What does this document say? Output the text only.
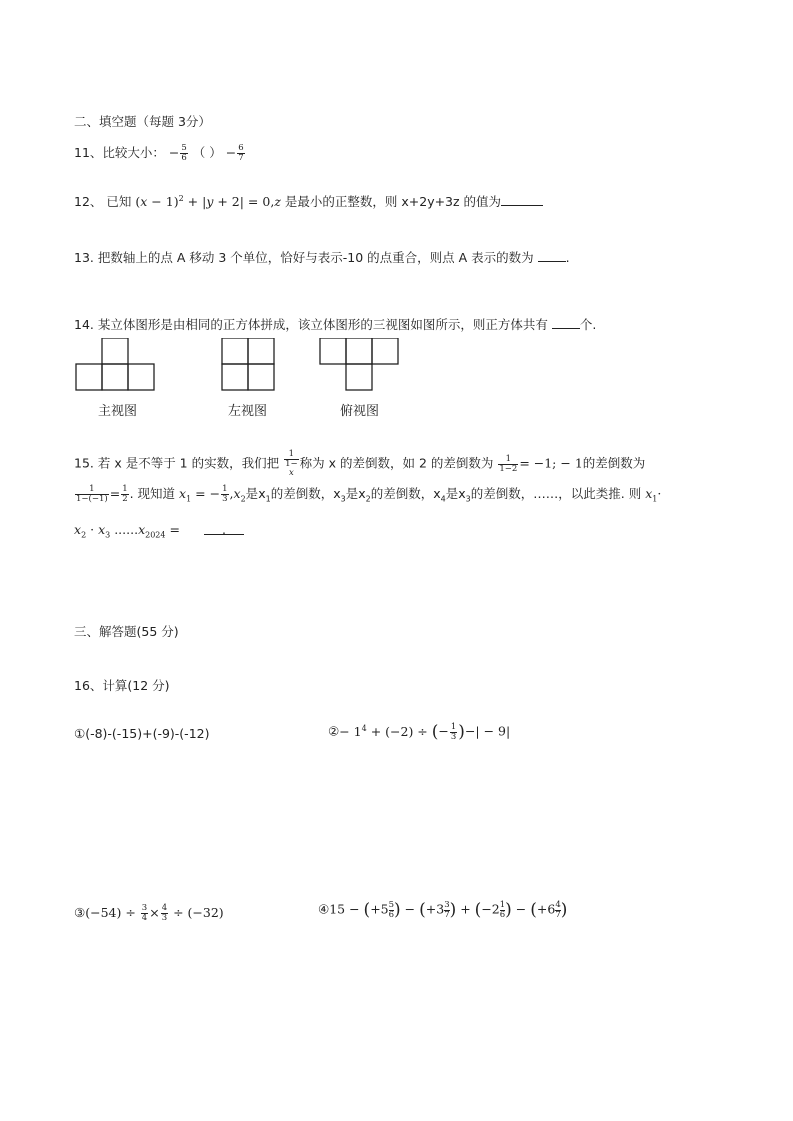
二、填空题（每题 3分）
11、比较大小： − $\frac{5}{6}$ （ ） − $\frac{6}{7}$
12、 已知 $(x - 1)^2 + |y + 2| = 0,z$ 是最小的正整数，则 x+2y+3z 的值为
13. 把数轴上的点 A 移动 3 个单位，恰好与表示-10 的点重合，则点 A 表示的数为	.
14. 某立体图形是由相同的正方体拼成，该立体图形的三视图如图所示，则正方体共有	个.
主视图	左视图	俯视图
15. 若 x 是不等于 1 的实数，我们把 1
1−
x 称为 x 的差倒数，如 2 的差倒数为 $\frac{1}{1-2} = -1$; − 1的差倒数为
$\frac{1}{1-(-1)} = \frac{1}{2}$ . 现知道 $x_1$ = − $\frac{1}{3} ,x_2$是$x_1$的差倒数，$x_3$是$x_2$的差倒数，$x_4$是$x_3$的差倒数，……，以此类推. 则 $x_1\cdot$
$x_2 \cdot x_3$ $......x_{2024}$ =	.
三、解答题(55 分)
16、计算(12 分)
①(-8)-(-15)+(-9)-(-12)	②− $1^4 + (-2)$ ÷ (− $\frac{1}{3}$ )−| − 9|
③(−54) ÷ $\frac{3}{4} \times \frac{4}{3} \div (-32)$	④15 − ($+5 \frac{5}{6}$ ) − ($+3 \frac{3}{7}$ ) + ($-2 \frac{1}{6}$ ) − ($+6 \frac{4}{7}$ )
